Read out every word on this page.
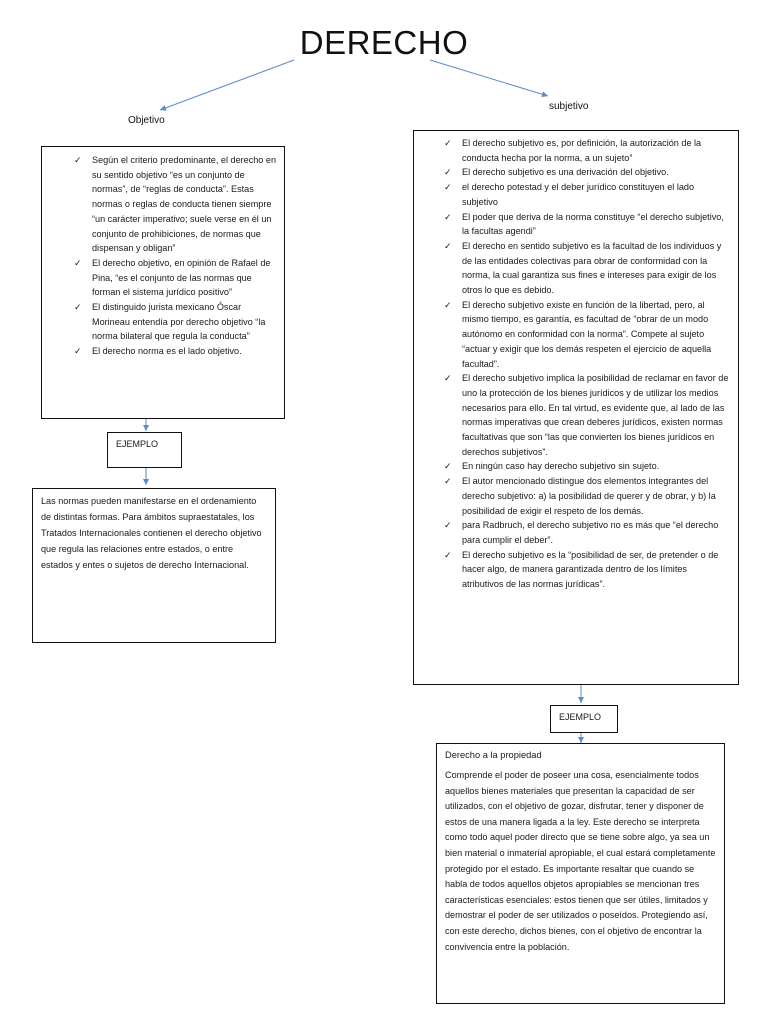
DERECHO
Objetivo
subjetivo
✓ Según el criterio predominante, el derecho en su sentido objetivo “es un conjunto de normas”, de “reglas de conducta”. Estas normas o reglas de conducta tienen siempre “un carácter imperativo; suele verse en él un conjunto de prohibiciones, de normas que dispensan y obligan”
✓ El derecho objetivo, en opinión de Rafael de Pina, “es el conjunto de las normas que forman el sistema jurídico positivo”
✓ El distinguido jurista mexicano Óscar Morineau entendía por derecho objetivo “la norma bilateral que regula la conducta”
✓ El derecho norma es el lado objetivo.
EJEMPLO

Las normas pueden manifestarse en el ordenamiento de distintas formas. Para ámbitos supraestatales, los Tratados Internacionales contienen el derecho objetivo que regula las relaciones entre estados, o entre estados y entes o sujetos de derecho Internacional.

✓ El derecho subjetivo es, por definición, la autorización de la conducta hecha por la norma, a un sujeto”
✓ El derecho subjetivo es una derivación del objetivo.
✓ el derecho potestad y el deber jurídico constituyen el lado subjetivo
✓ El poder que deriva de la norma constituye “el derecho subjetivo, la facultas agendi”
✓ El derecho en sentido subjetivo es la facultad de los individuos y de las entidades colectivas para obrar de conformidad con la norma, la cual garantiza sus fines e intereses para exigir de los otros lo que es debido.
✓ El derecho subjetivo existe en función de la libertad, pero, al mismo tiempo, es garantía, es facultad de “obrar de un modo autónomo en conformidad con la norma”. Compete al sujeto “actuar y exigir que los demás respeten el ejercicio de aquella facultad”.
✓ El derecho subjetivo implica la posibilidad de reclamar en favor de uno la protección de los bienes jurídicos y de utilizar los medios necesarios para ello. En tal virtud, es evidente que, al lado de las normas imperativas que crean deberes jurídicos, existen normas facultativas que son “las que convierten los bienes jurídicos en derechos subjetivos”.
✓ En ningún caso hay derecho subjetivo sin sujeto.
✓ El autor mencionado distingue dos elementos integrantes del derecho subjetivo: a) la posibilidad de querer y de obrar, y b) la posibilidad de exigir el respeto de los demás.
✓ para Radbruch, el derecho subjetivo no es más que “el derecho para cumplir el deber”.
✓ El derecho subjetivo es la “posibilidad de ser, de pretender o de hacer algo, de manera garantizada dentro de los límites atributivos de las normas jurídicas”.
EJEMPLO

Derecho a la propiedad

Comprende el poder de poseer una cosa, esencialmente todos aquellos bienes materiales que presentan la capacidad de ser utilizados, con el objetivo de gozar, disfrutar, tener y disponer de estos de una manera ligada a la ley. Este derecho se interpreta como todo aquel poder directo que se tiene sobre algo, ya sea un bien material o inmaterial apropiable, el cual estará completamente protegido por el estado. Es importante resaltar que cuando se habla de todos aquellos objetos apropiables se mencionan tres características esenciales: estos tienen que ser útiles, limitados y demostrar el poder de ser utilizados o poseídos. Protegiendo así, con este derecho, dichos bienes, con el objetivo de encontrar la convivencia entre la población.
